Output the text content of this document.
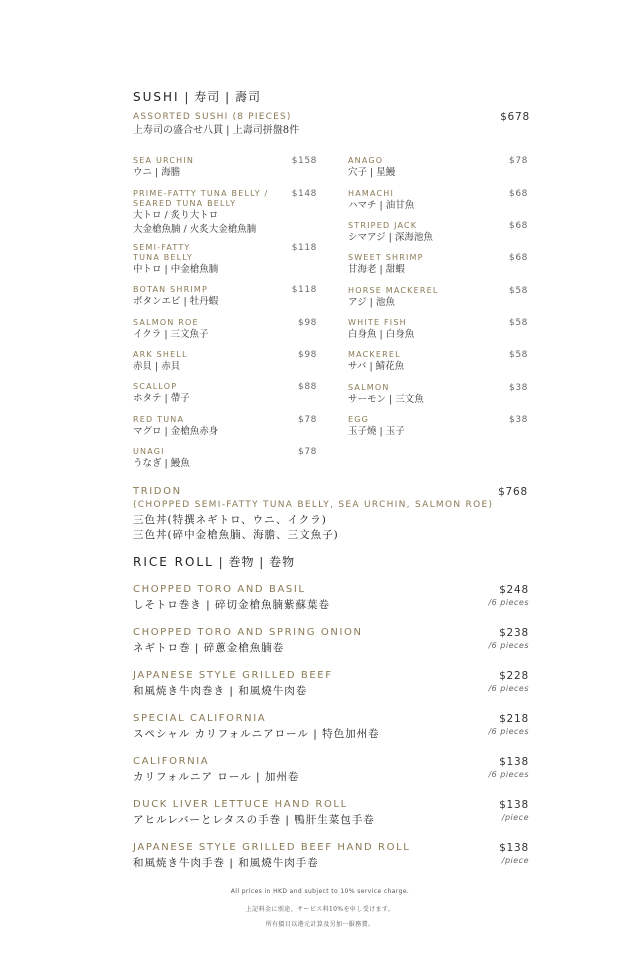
SUSHI | 寿司 | 壽司
ASSORTED SUSHI (8 PIECES)
上寿司の盛合せ八貫 | 上壽司拼盤8件
$678
SEA URCHIN
ウニ | 海膽
$158
PRIME-FATTY TUNA BELLY /
SEARED TUNA BELLY
大トロ / 炙り大トロ
大金槍魚腩 / 火炙大金槍魚腩
$148
SEMI-FATTY
TUNA BELLY
中トロ | 中金槍魚腩
$118
BOTAN SHRIMP
ボタンエビ | 牡丹蝦
$118
SALMON ROE
イクラ | 三文魚子
$98
ARK SHELL
赤貝 | 赤貝
$98
SCALLOP
ホタテ | 帶子
$88
RED TUNA
マグロ | 金槍魚赤身
$78
UNAGI
うなぎ | 鰻魚
$78
ANAGO
穴子 | 星鰻
$78
HAMACHI
ハマチ | 油甘魚
$68
STRIPED JACK
シマアジ | 深海池魚
$68
SWEET SHRIMP
甘海老 | 甜蝦
$68
HORSE MACKEREL
アジ | 池魚
$58
WHITE FISH
白身魚 | 白身魚
$58
MACKEREL
サバ | 鯖花魚
$58
SALMON
サーモン | 三文魚
$38
EGG
玉子燒 | 玉子
$38
TRIDON
(CHOPPED SEMI-FATTY TUNA BELLY, SEA URCHIN, SALMON ROE)
三色丼(特撰ネギトロ、ウニ、イクラ)
三色丼(碎中金槍魚腩、海膽、三文魚子)
$768
RICE ROLL | 巻物 | 卷物
CHOPPED TORO AND BASIL
しそトロ巻き | 碎切金槍魚腩紫蘇葉卷
$248
/6 pieces
CHOPPED TORO AND SPRING ONION
ネギトロ巻 | 碎蔥金槍魚腩卷
$238
/6 pieces
JAPANESE STYLE GRILLED BEEF
和風焼き牛肉巻き | 和風燒牛肉卷
$228
/6 pieces
SPECIAL CALIFORNIA
スペシャル カリフォルニアロール | 特色加州卷
$218
/6 pieces
CALIFORNIA
カリフォルニア ロール | 加州卷
$138
/6 pieces
DUCK LIVER LETTUCE HAND ROLL
アヒルレバーとレタスの手巻 | 鴨肝生菜包手卷
$138
/piece
JAPANESE STYLE GRILLED BEEF HAND ROLL
和風焼き牛肉手巻 | 和風燒牛肉手卷
$138
/piece
All prices in HKD and subject to 10% service charge.
上記料金に別途、サービス料10%を申し受けます。
所有價目以港元計算及另加一服務費。
